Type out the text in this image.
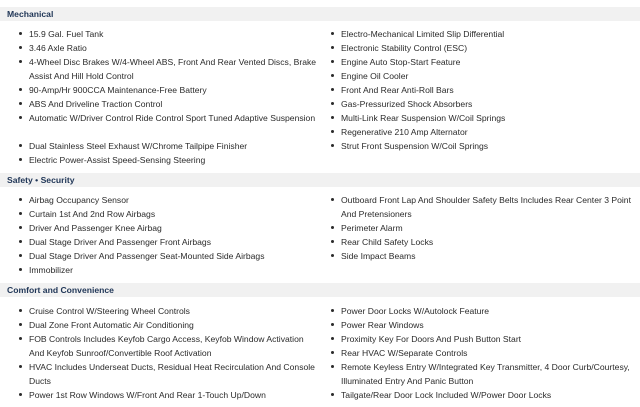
Mechanical
15.9 Gal. Fuel Tank
3.46 Axle Ratio
4-Wheel Disc Brakes W/4-Wheel ABS, Front And Rear Vented Discs, Brake Assist And Hill Hold Control
90-Amp/Hr 900CCA Maintenance-Free Battery
ABS And Driveline Traction Control
Automatic W/Driver Control Ride Control Sport Tuned Adaptive Suspension
Dual Stainless Steel Exhaust W/Chrome Tailpipe Finisher
Electric Power-Assist Speed-Sensing Steering
Electro-Mechanical Limited Slip Differential
Electronic Stability Control (ESC)
Engine Auto Stop-Start Feature
Engine Oil Cooler
Front And Rear Anti-Roll Bars
Gas-Pressurized Shock Absorbers
Multi-Link Rear Suspension W/Coil Springs
Regenerative 210 Amp Alternator
Strut Front Suspension W/Coil Springs
Safety • Security
Airbag Occupancy Sensor
Curtain 1st And 2nd Row Airbags
Driver And Passenger Knee Airbag
Dual Stage Driver And Passenger Front Airbags
Dual Stage Driver And Passenger Seat-Mounted Side Airbags
Immobilizer
Outboard Front Lap And Shoulder Safety Belts Includes Rear Center 3 Point And Pretensioners
Perimeter Alarm
Rear Child Safety Locks
Side Impact Beams
Comfort and Convenience
Cruise Control W/Steering Wheel Controls
Dual Zone Front Automatic Air Conditioning
FOB Controls Includes Keyfob Cargo Access, Keyfob Window Activation And Keyfob Sunroof/Convertible Roof Activation
HVAC Includes Underseat Ducts, Residual Heat Recirculation And Console Ducts
Power 1st Row Windows W/Front And Rear 1-Touch Up/Down
Power Door Locks W/Autolock Feature
Power Rear Windows
Proximity Key For Doors And Push Button Start
Rear HVAC W/Separate Controls
Remote Keyless Entry W/Integrated Key Transmitter, 4 Door Curb/Courtesy, Illuminated Entry And Panic Button
Tailgate/Rear Door Lock Included W/Power Door Locks
